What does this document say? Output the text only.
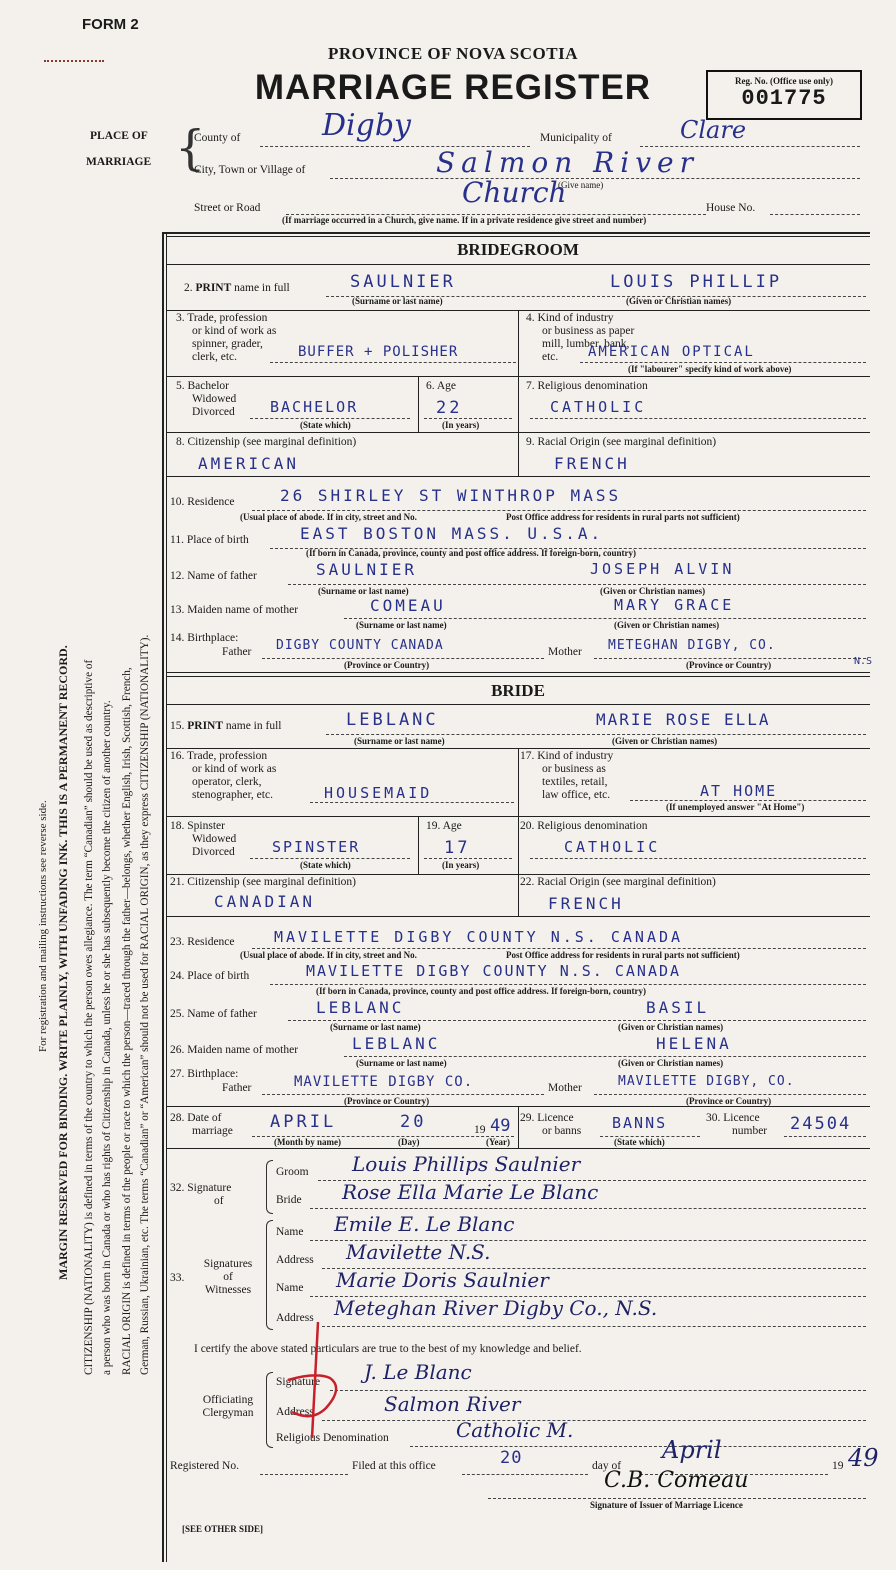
FORM 2
PROVINCE OF NOVA SCOTIA
MARRIAGE REGISTER	Reg. No. (Office use only)
001775
PLACE OF
MARRIAGE {
County of	Digby	Municipality of	Clare
City, Town or Village of	Salmon River
(Give name)
Church
Street or Road	House No.
(If marriage occurred in a Church, give name. If in a private residence give street and number)
For registration and mailing instructions see reverse side. MARGIN RESERVED FOR BINDING. WRITE PLAINLY, WITH UNFADING INK. THIS IS A PERMANENT RECORD. CITIZENSHIP (NATIONALITY) is defined in terms of the country to which the person owes allegiance. The term “Canadian” should be used as descriptive of a person who was born in Canada or who has rights of Citizenship in Canada, unless he or she has subsequently become the citizen of another country. RACIAL ORIGIN is defined in terms of the people or race to which the person—traced through the father—belongs, whether English, Irish, Scottish, French, German, Russian, Ukrainian, etc. The terms “Canadian” or “American” should not be used for RACIAL ORIGIN, as they express CITIZENSHIP (NATIONALITY).
BRIDEGROOM
2. PRINT name in full	SAULNIER	LOUIS PHILLIP
(Surname or last name)	(Given or Christian names)
3. Trade, profession
or kind of work as
spinner, grader,
clerk, etc.	BUFFER + POLISHER
4. Kind of industry
or business as paper
mill, lumber, bank,
etc.	AMERICAN OPTICAL
(If "labourer" specify kind of work above)
5. Bachelor
Widowed
Divorced BACHELOR
(State which)
6. Age
22
(In years)
7. Religious denomination
CATHOLIC
8. Citizenship (see marginal definition)
AMERICAN
9. Racial Origin (see marginal definition)
FRENCH
10. Residence	26 SHIRLEY ST WINTHROP MASS
(Usual place of abode. If in city, street and No.	Post Office address for residents in rural parts not sufficient)
11. Place of birth	EAST BOSTON MASS. U.S.A.
(If born in Canada, province, county and post office address. If foreign-born, country)
12. Name of father	SAULNIER	JOSEPH ALVIN
(Surname or last name)	(Given or Christian names)
13. Maiden name of mother	COMEAU	MARY GRACE
(Surname or last name)	(Given or Christian names)
14. Birthplace:
Father DIGBY COUNTY CANADA	Mother METEGHAN DIGBY, CO.
N.S
(Province or Country)	(Province or Country)
BRIDE
15. PRINT name in full	LEBLANC	MARIE ROSE ELLA
(Surname or last name)	(Given or Christian names)
16. Trade, profession
or kind of work as
operator, clerk,
stenographer, etc.	HOUSEMAID
17. Kind of industry
or business as
textiles, retail,
law office, etc.	AT HOME
(If unemployed answer "At Home")
18. Spinster
Widowed
Divorced SPINSTER
(State which)
19. Age
17
(In years)
20. Religious denomination
CATHOLIC
21. Citizenship (see marginal definition)
CANADIAN
22. Racial Origin (see marginal definition)
FRENCH
23. Residence	MAVILETTE DIGBY COUNTY N.S. CANADA
(Usual place of abode. If in city, street and No.	Post Office address for residents in rural parts not sufficient)
24. Place of birth	MAVILETTE DIGBY COUNTY N.S. CANADA
(If born in Canada, province, county and post office address. If foreign-born, country)
25. Name of father	LEBLANC	BASIL
(Surname or last name)	(Given or Christian names)
26. Maiden name of mother	LEBLANC	HELENA
(Surname or last name)	(Given or Christian names)
27. Birthplace:
Father	MAVILETTE DIGBY CO.	Mother	MAVILETTE DIGBY, CO.
(Province or Country)	(Province or Country)
28. Date of
marriage APRIL	20	19 49
(Month by name)	(Day)	(Year)
29. Licence
or banns BANNS
(State which)
30. Licence
number 24504
32. Signature
of
Groom Louis Phillips Saulnier
Bride Rose Ella Marie Le Blanc
33.
Signatures
of
Witnesses
Name Emile E. Le Blanc
Address Mavilette N.S.
Name Marie Doris Saulnier
Address Meteghan River Digby Co., N.S.
I certify the above stated particulars are true to the best of my knowledge and belief.
Officiating
Clergyman
Signature J. Le Blanc
Address	Salmon River
Religious Denomination	Catholic M.
Registered No.	Filed at this office	20	day of
April
19 49
C.B. Comeau
Signature of Issuer of Marriage Licence
[SEE OTHER SIDE]
